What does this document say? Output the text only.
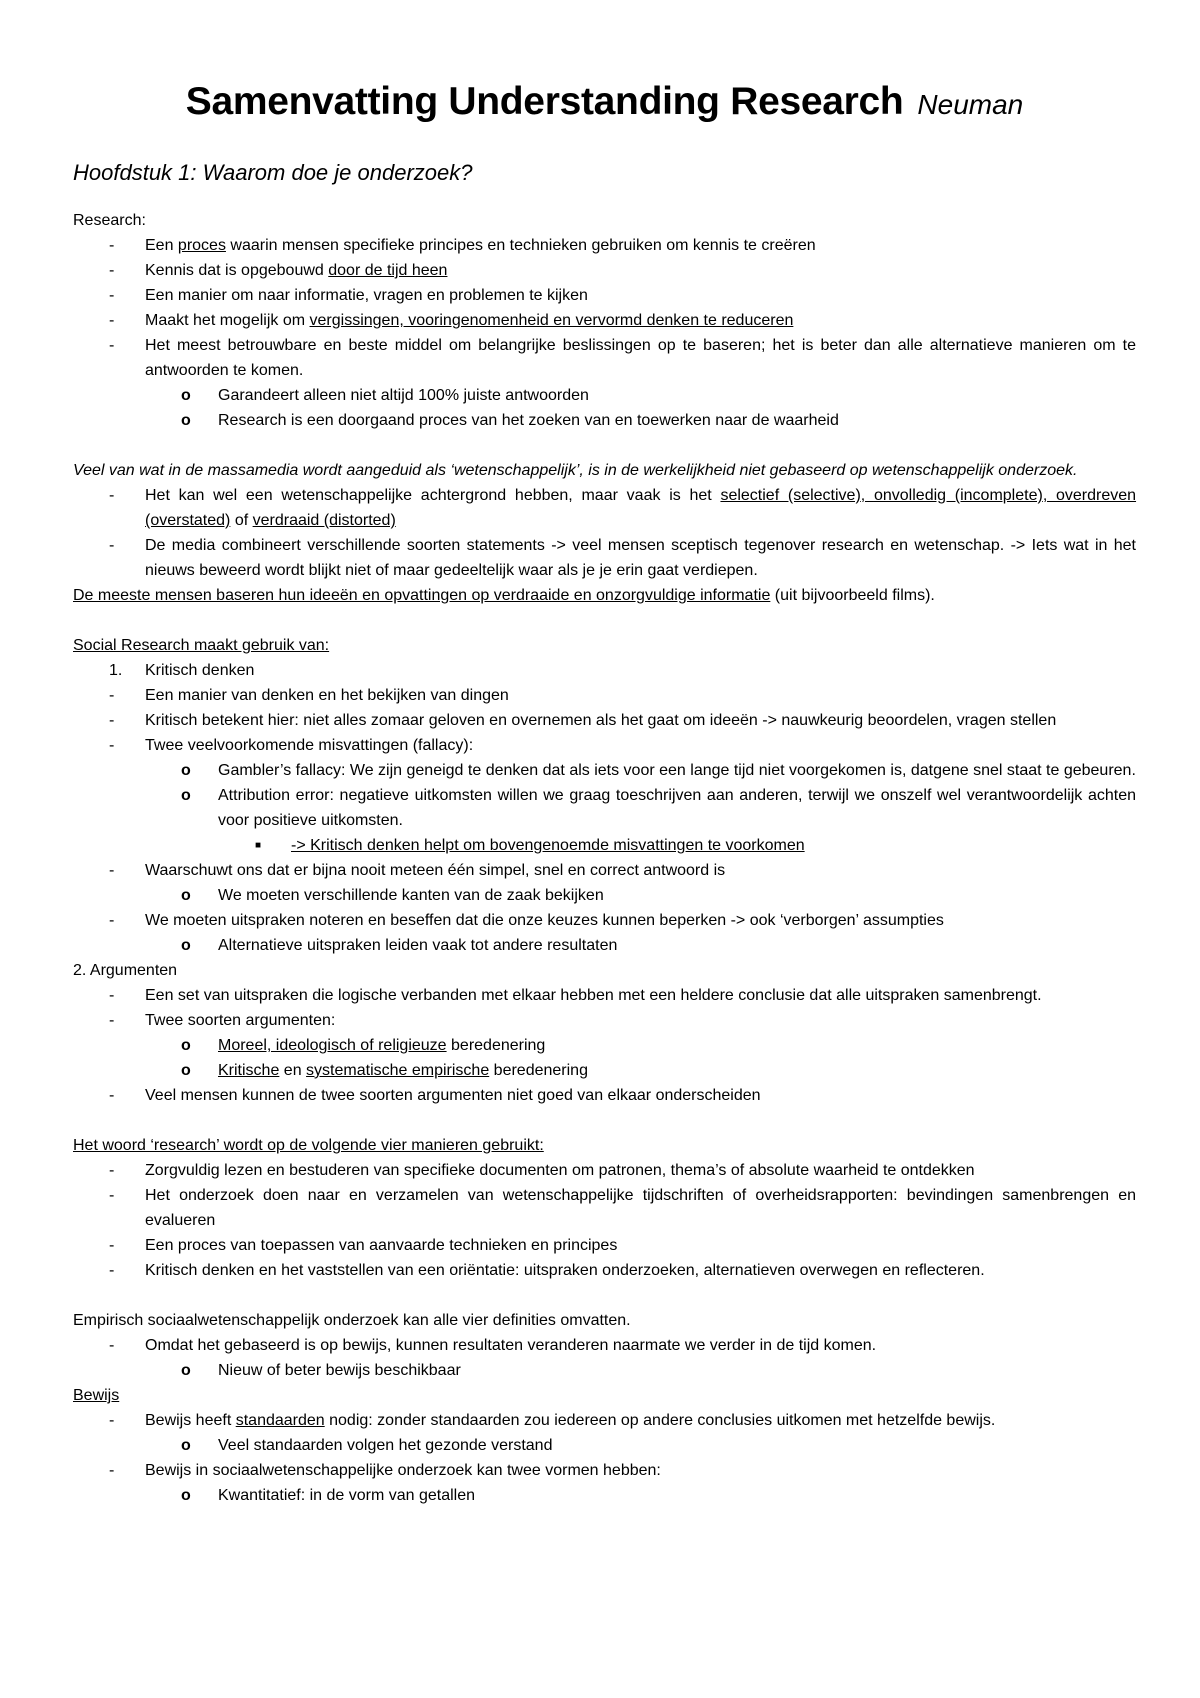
Samenvatting Understanding Research Neuman
Hoofdstuk 1: Waarom doe je onderzoek?

Research:

- Een proces waarin mensen specifieke principes en technieken gebruiken om kennis te creëren
- Kennis dat is opgebouwd door de tijd heen
- Een manier om naar informatie, vragen en problemen te kijken
- Maakt het mogelijk om vergissingen, vooringenomenheid en vervormd denken te reduceren
- Het meest betrouwbare en beste middel om belangrijke beslissingen op te baseren; het is beter dan alle alternatieve manieren om te antwoorden te komen.
o Garandeert alleen niet altijd 100% juiste antwoorden
o Research is een doorgaand proces van het zoeken van en toewerken naar de waarheid

Veel van wat in de massamedia wordt aangeduid als ‘wetenschappelijk’, is in de werkelijkheid niet gebaseerd op wetenschappelijk onderzoek.

- Het kan wel een wetenschappelijke achtergrond hebben, maar vaak is het selectief (selective), onvolledig (incomplete), overdreven (overstated) of verdraaid (distorted)
- De media combineert verschillende soorten statements -> veel mensen sceptisch tegenover research en wetenschap. -> Iets wat in het nieuws beweerd wordt blijkt niet of maar gedeeltelijk waar als je je erin gaat verdiepen.

De meeste mensen baseren hun ideeën en opvattingen op verdraaide en onzorgvuldige informatie (uit bijvoorbeeld films).

Social Research maakt gebruik van:

1. Kritisch denken
- Een manier van denken en het bekijken van dingen
- Kritisch betekent hier: niet alles zomaar geloven en overnemen als het gaat om ideeën -> nauwkeurig beoordelen, vragen stellen
- Twee veelvoorkomende misvattingen (fallacy):
o Gambler’s fallacy: We zijn geneigd te denken dat als iets voor een lange tijd niet voorgekomen is, datgene snel staat te gebeuren.
o Attribution error: negatieve uitkomsten willen we graag toeschrijven aan anderen, terwijl we onszelf wel verantwoordelijk achten voor positieve uitkomsten.
■ -> Kritisch denken helpt om bovengenoemde misvattingen te voorkomen
- Waarschuwt ons dat er bijna nooit meteen één simpel, snel en correct antwoord is
o We moeten verschillende kanten van de zaak bekijken
- We moeten uitspraken noteren en beseffen dat die onze keuzes kunnen beperken -> ook ‘verborgen’ assumpties
o Alternatieve uitspraken leiden vaak tot andere resultaten

2. Argumenten

- Een set van uitspraken die logische verbanden met elkaar hebben met een heldere conclusie dat alle uitspraken samenbrengt.
- Twee soorten argumenten:
o Moreel, ideologisch of religieuze beredenering
o Kritische en systematische empirische beredenering
- Veel mensen kunnen de twee soorten argumenten niet goed van elkaar onderscheiden

Het woord ‘research’ wordt op de volgende vier manieren gebruikt:

- Zorgvuldig lezen en bestuderen van specifieke documenten om patronen, thema’s of absolute waarheid te ontdekken
- Het onderzoek doen naar en verzamelen van wetenschappelijke tijdschriften of overheidsrapporten: bevindingen samenbrengen en evalueren
- Een proces van toepassen van aanvaarde technieken en principes
- Kritisch denken en het vaststellen van een oriëntatie: uitspraken onderzoeken, alternatieven overwegen en reflecteren.

Empirisch sociaalwetenschappelijk onderzoek kan alle vier definities omvatten.

- Omdat het gebaseerd is op bewijs, kunnen resultaten veranderen naarmate we verder in de tijd komen.
o Nieuw of beter bewijs beschikbaar

Bewijs

- Bewijs heeft standaarden nodig: zonder standaarden zou iedereen op andere conclusies uitkomen met hetzelfde bewijs.
o Veel standaarden volgen het gezonde verstand
- Bewijs in sociaalwetenschappelijke onderzoek kan twee vormen hebben:
o Kwantitatief: in de vorm van getallen
